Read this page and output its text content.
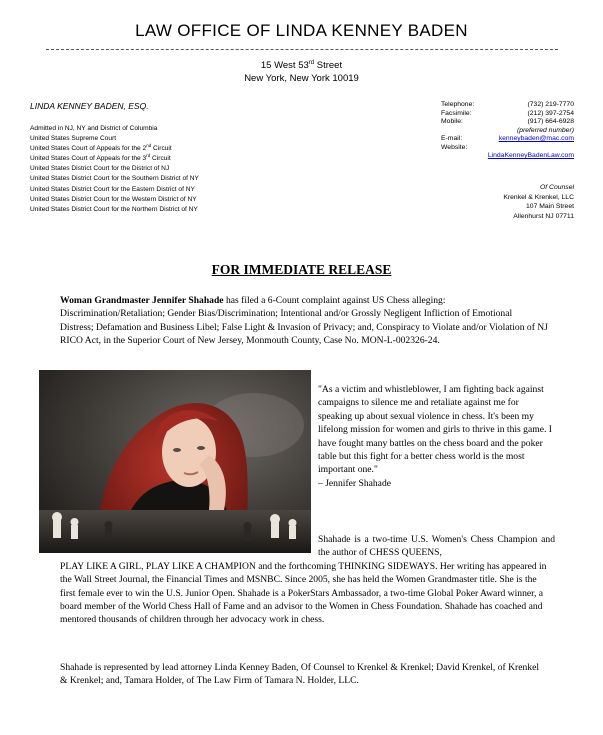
LAW OFFICE OF LINDA KENNEY BADEN
15 West 53rd Street
New York, New York 10019
LINDA KENNEY BADEN, ESQ.
Admitted in NJ, NY and District of Columbia
United States Supreme Court
United States Court of Appeals for the 2nd Circuit
United States Court of Appeals for the 3rd Circuit
United States District Court for the District of NJ
United States District Court for the Southern District of NY
United States District Court for the Eastern District of NY
United States District Court for the Western District of NY
United States District Court for the Northern District of NY
Telephone:	(732) 219-7770
Facsimile:	(212) 397-2754
Mobile:	(917) 664-6928
(preferred number)
E-mail:	kenneybaden@mac.com
Website:
LindaKenneyBadenLaw.com
Of Counsel
Krenkel & Krenkel, LLC
107 Main Street
Allenhurst NJ 07711
FOR IMMEDIATE RELEASE
Woman Grandmaster Jennifer Shahade has filed a 6-Count complaint against US Chess alleging: Discrimination/Retaliation; Gender Bias/Discrimination; Intentional and/or Grossly Negligent Infliction of Emotional Distress; Defamation and Business Libel; False Light & Invasion of Privacy; and, Conspiracy to Violate and/or Violation of NJ RICO Act, in the Superior Court of New Jersey, Monmouth County, Case No. MON-L-002326-24.
"As a victim and whistleblower, I am fighting back against campaigns to silence me and retaliate against me for speaking up about sexual violence in chess. It's been my lifelong mission for women and girls to thrive in this game. I have fought many battles on the chess board and the poker table but this fight for a better chess world is the most important one."
– Jennifer Shahade
Shahade is a two-time U.S. Women's Chess Champion and the author of CHESS QUEENS,
PLAY LIKE A GIRL, PLAY LIKE A CHAMPION and the forthcoming THINKING SIDEWAYS. Her writing has appeared in the Wall Street Journal, the Financial Times and MSNBC. Since 2005, she has held the Women Grandmaster title. She is the first female ever to win the U.S. Junior Open. Shahade is a PokerStars Ambassador, a two-time Global Poker Award winner, a board member of the World Chess Hall of Fame and an advisor to the Women in Chess Foundation. Shahade has coached and mentored thousands of children through her advocacy work in chess.
Shahade is represented by lead attorney Linda Kenney Baden, Of Counsel to Krenkel & Krenkel; David Krenkel, of Krenkel & Krenkel; and, Tamara Holder, of The Law Firm of Tamara N. Holder, LLC.
